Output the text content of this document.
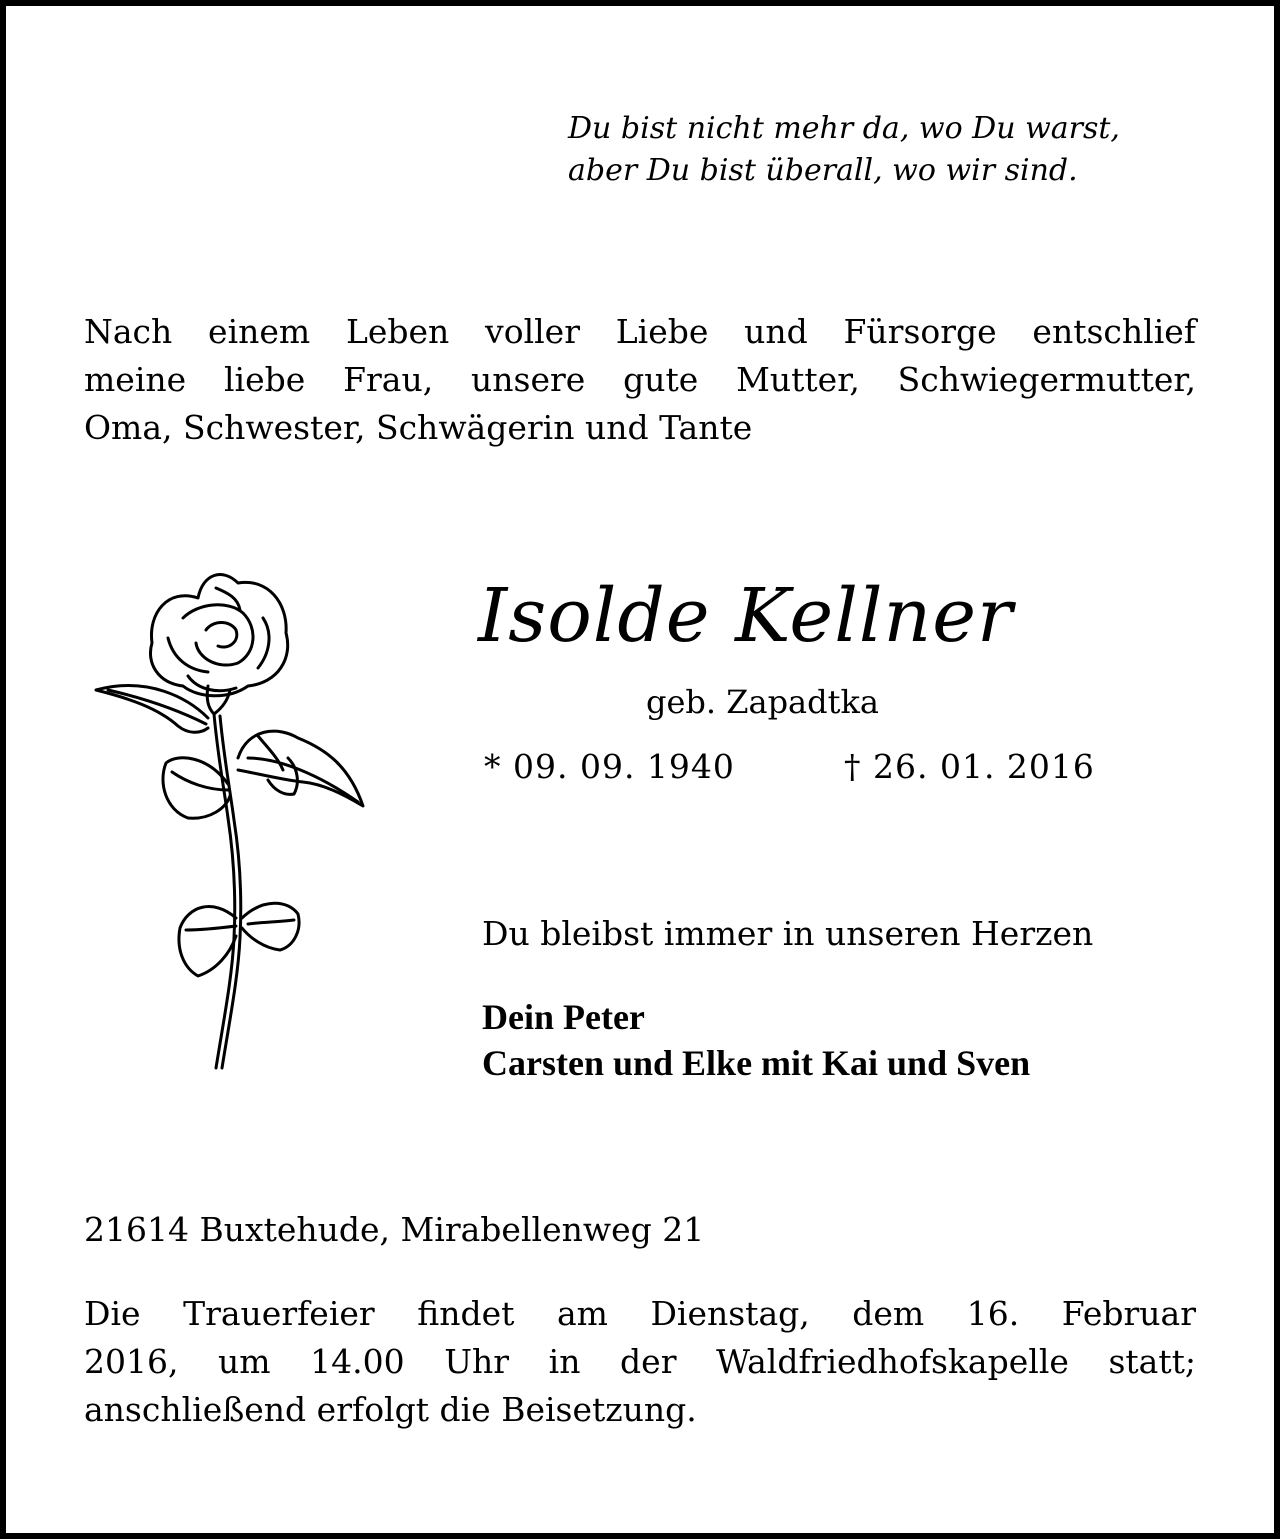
Du bist nicht mehr da, wo Du warst,
aber Du bist überall, wo wir sind.
Nach einem Leben voller Liebe und Fürsorge entschlief
meine liebe Frau, unsere gute Mutter, Schwiegermutter,
Oma, Schwester, Schwägerin und Tante
Isolde Kellner
geb. Zapadtka
* 09. 09. 1940	† 26. 01. 2016
Du bleibst immer in unseren Herzen
Dein Peter
Carsten und Elke mit Kai und Sven
21614 Buxtehude, Mirabellenweg 21
Die Trauerfeier findet am Dienstag, dem 16. Februar
2016, um 14.00 Uhr in der Waldfriedhofskapelle statt;
anschließend erfolgt die Beisetzung.
